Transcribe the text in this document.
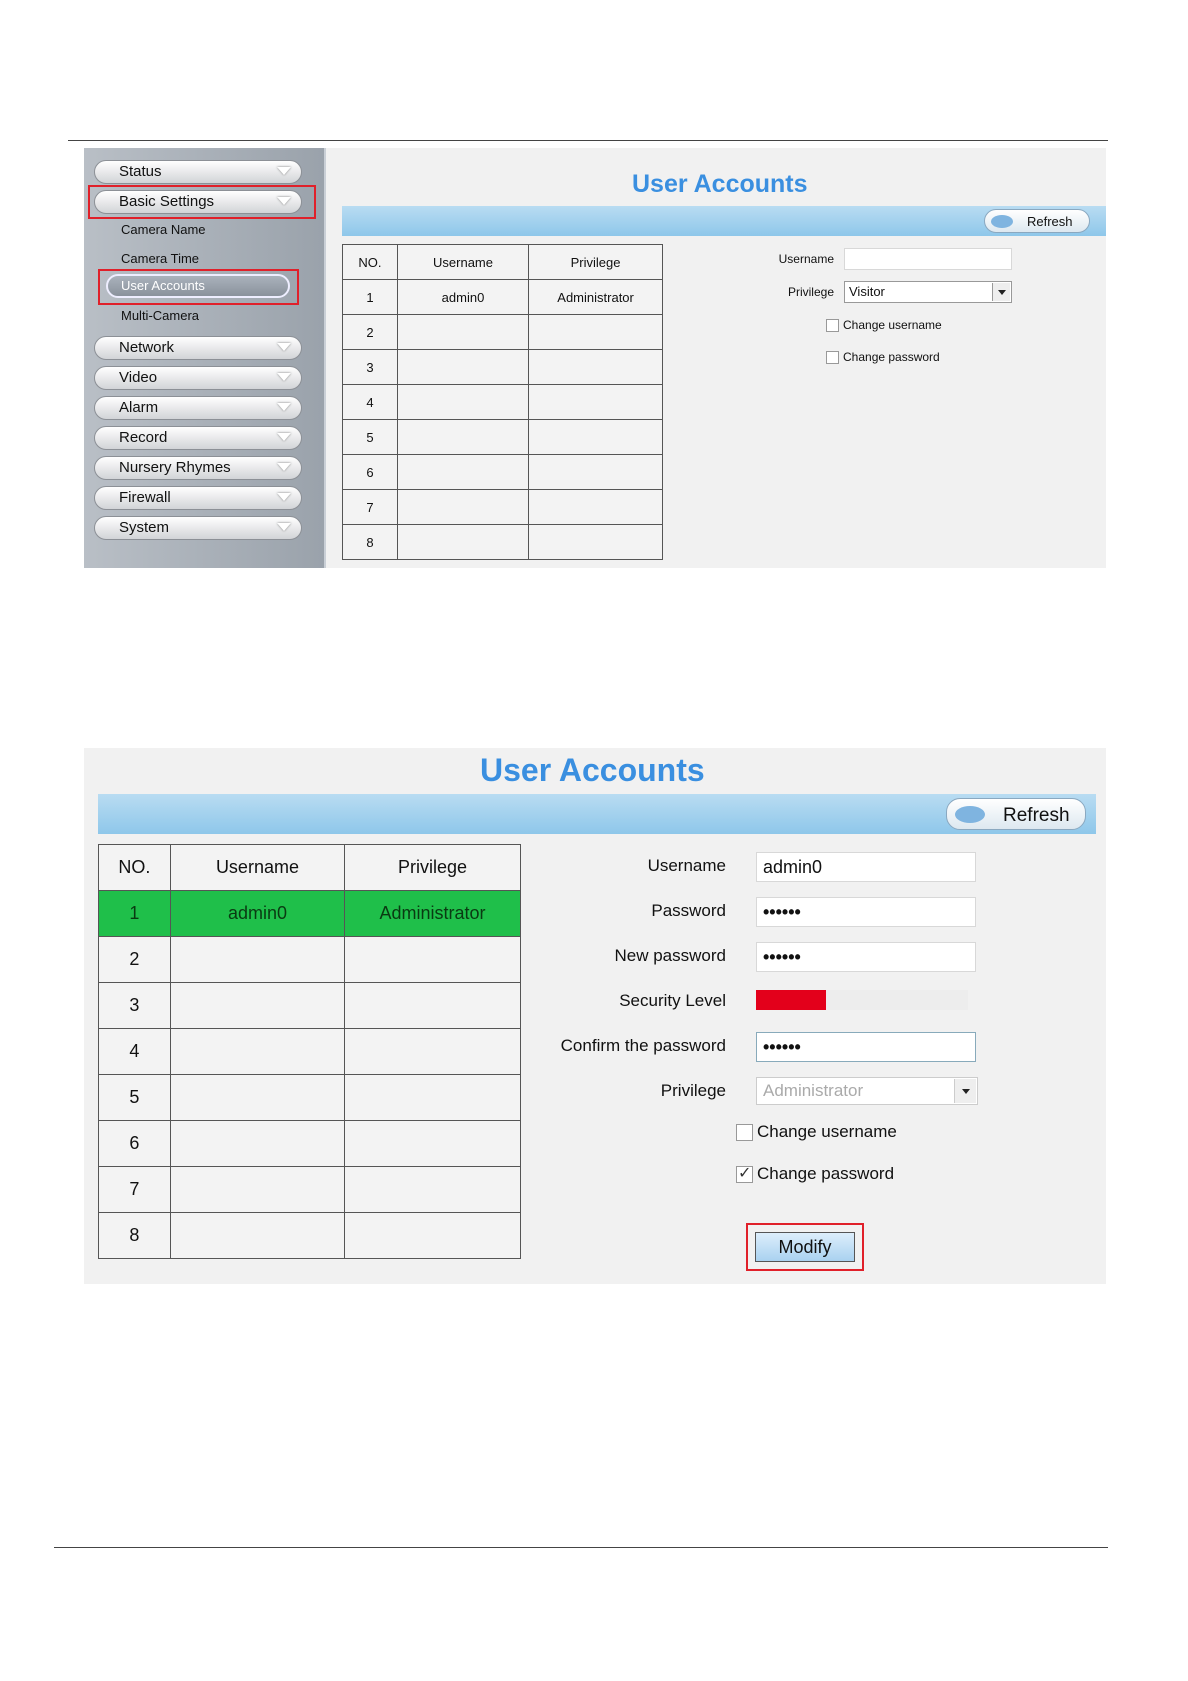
Status
Basic Settings
Camera Name
Camera Time
User Accounts
Multi-Camera
Network
Video
Alarm
Record
Nursery Rhymes
Firewall
System
User Accounts
Refresh
NO.	Username	Privilege
1	admin0	Administrator
2		
3		
4		
5		
6		
7		
8		
Username
Privilege	Visitor
Change username
Change password
User Accounts
Refresh
NO.	Username	Privilege
1	admin0	Administrator
2		
3		
4		
5		
6		
7		
8		
Username	admin0
Password	••••••
New password	••••••
Security Level
Confirm the password	••••••
Privilege	Administrator
Change username
✓Change password
Modify
